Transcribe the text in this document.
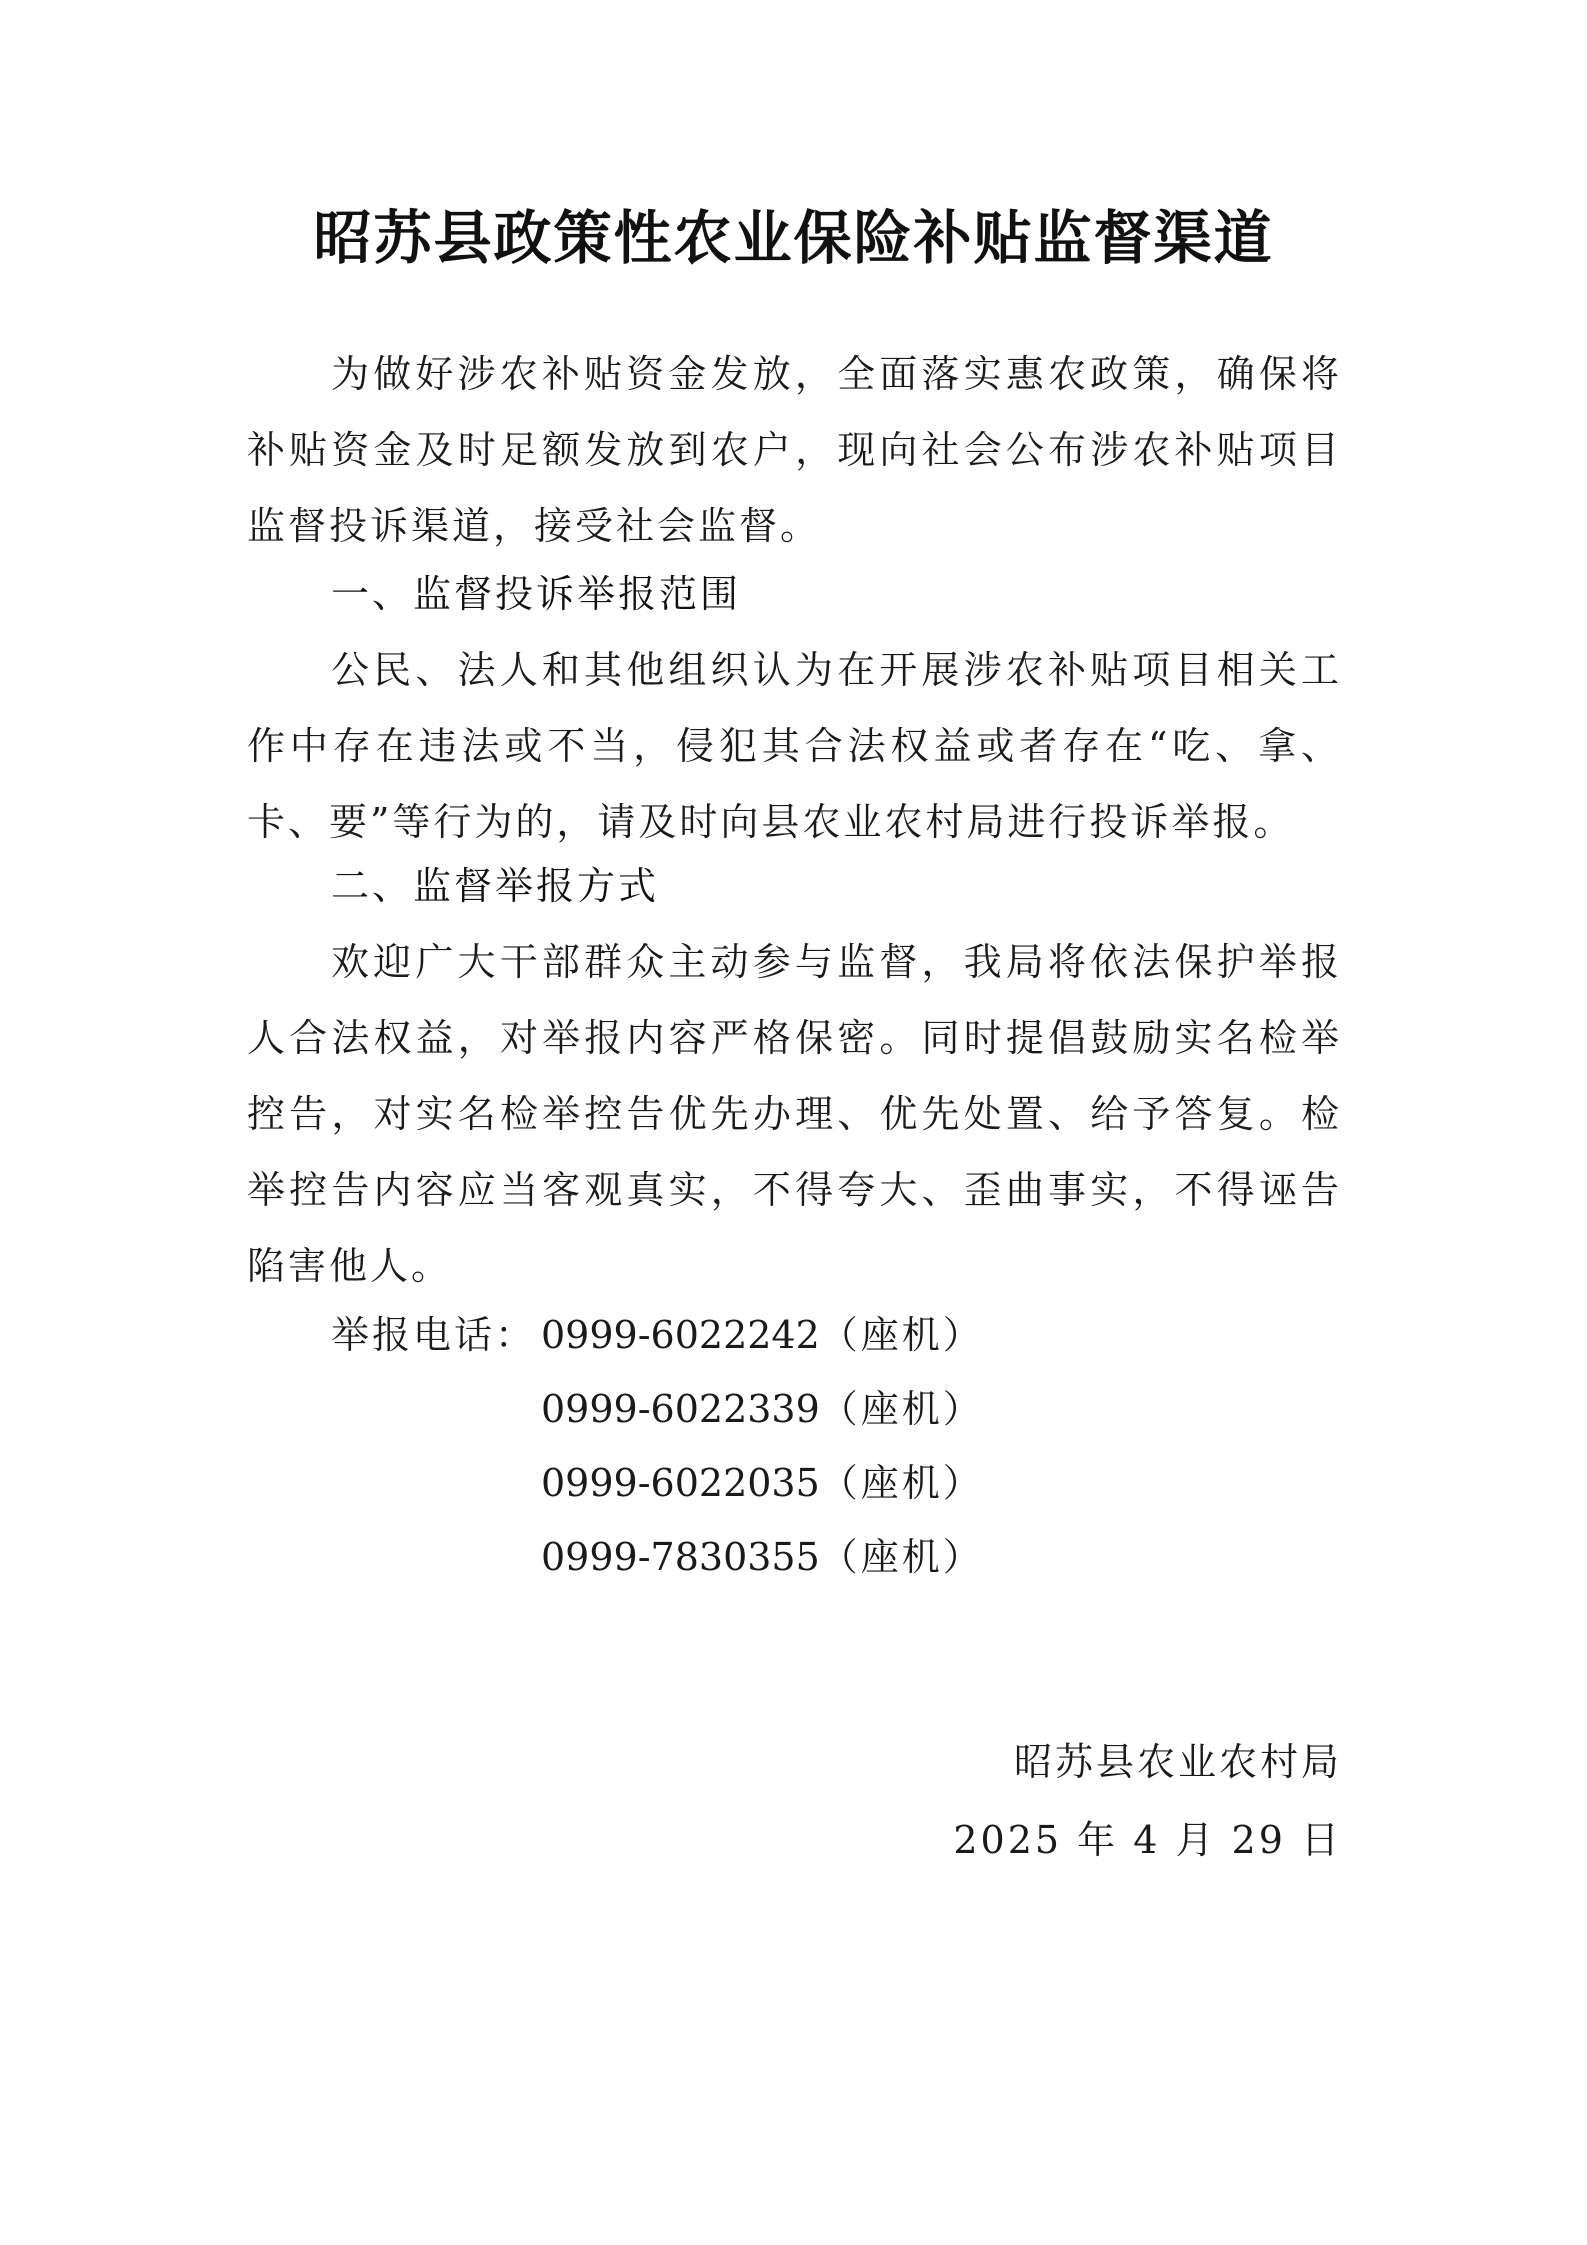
昭苏县政策性农业保险补贴监督渠道
为做好涉农补贴资金发放，全面落实惠农政策，确保将补贴资金及时足额发放到农户，现向社会公布涉农补贴项目监督投诉渠道，接受社会监督。
一、监督投诉举报范围
公民、法人和其他组织认为在开展涉农补贴项目相关工作中存在违法或不当，侵犯其合法权益或者存在“吃、拿、卡、要”等行为的，请及时向县农业农村局进行投诉举报。
二、监督举报方式
欢迎广大干部群众主动参与监督，我局将依法保护举报人合法权益，对举报内容严格保密。同时提倡鼓励实名检举控告，对实名检举控告优先办理、优先处置、给予答复。检举控告内容应当客观真实，不得夸大、歪曲事实，不得诬告陷害他人。
举报电话： 0999-6022242（座机）
0999-6022339（座机）
0999-6022035（座机）
0999-7830355（座机）
昭苏县农业农村局
2025 年 4 月 29 日
